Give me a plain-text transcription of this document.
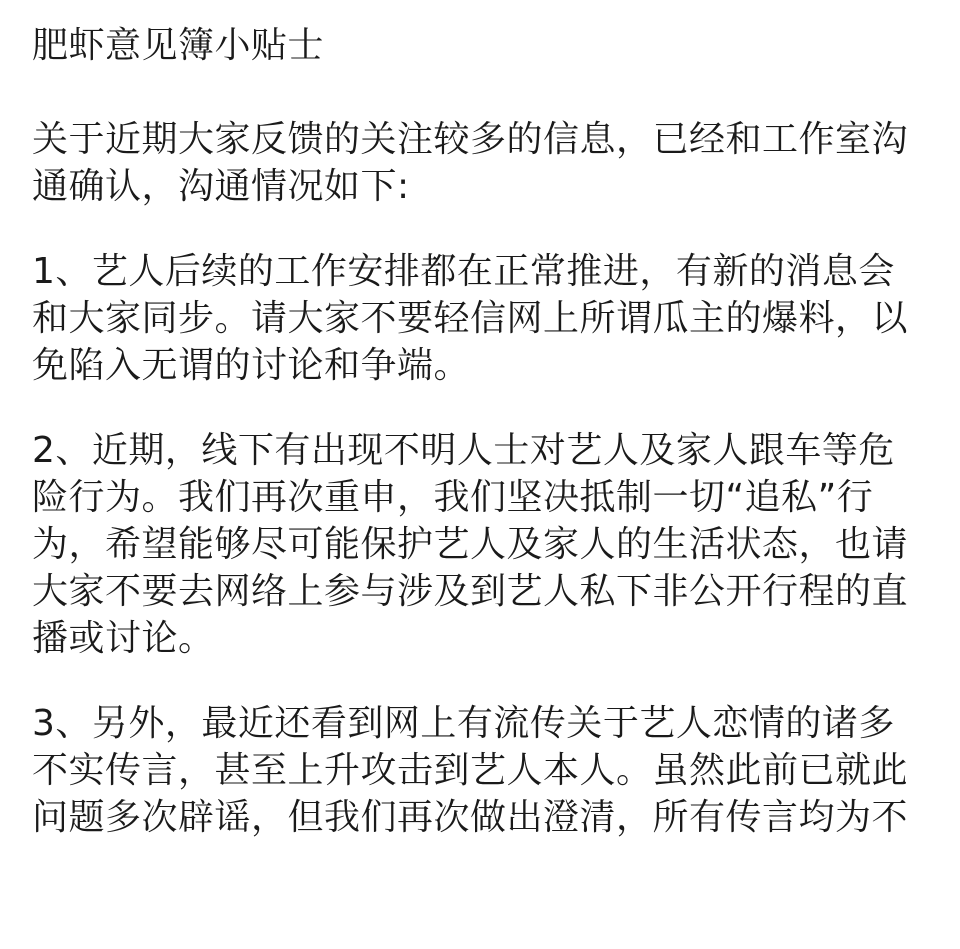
肥虾意见簿小贴士
关于近期大家反馈的关注较多的信息，已经和工作室沟
通确认，沟通情况如下:
1、艺人后续的工作安排都在正常推进，有新的消息会
和大家同步。请大家不要轻信网上所谓瓜主的爆料，以
免陷入无谓的讨论和争端。
2、近期，线下有出现不明人士对艺人及家人跟车等危
险行为。我们再次重申，我们坚决抵制一切“追私”行
为，希望能够尽可能保护艺人及家人的生活状态，也请
大家不要去网络上参与涉及到艺人私下非公开行程的直
播或讨论。
3、另外，最近还看到网上有流传关于艺人恋情的诸多
不实传言，甚至上升攻击到艺人本人。虽然此前已就此
问题多次辟谣，但我们再次做出澄清，所有传言均为不
